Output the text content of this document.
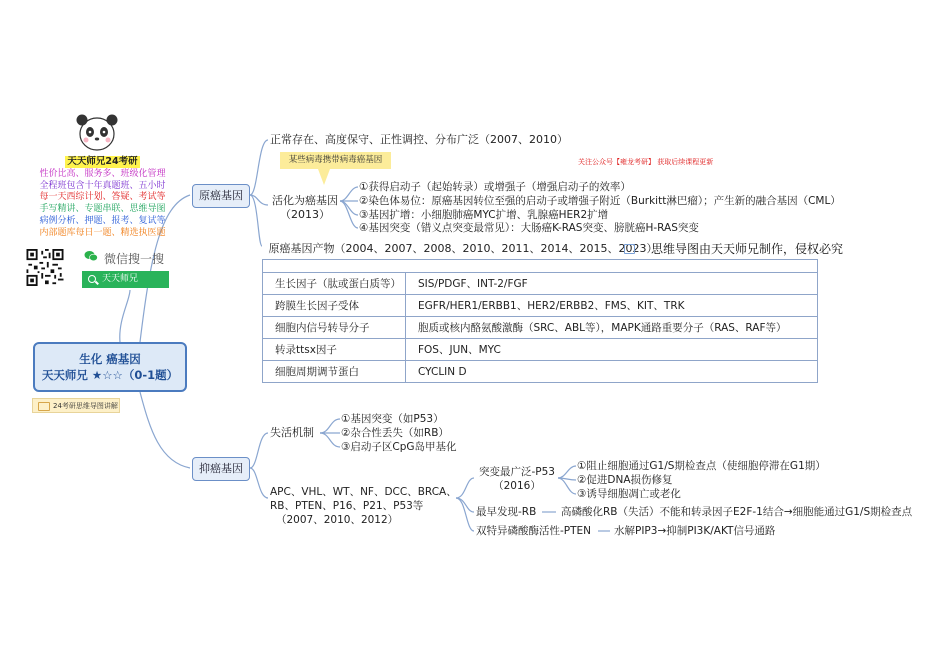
天天师兄24考研
性价比高、服务多、班级化管理
全程班包含十年真题班、五小时
每一天西综计划、答疑、考试等
手写精讲、专题串联、思维导图
病例分析、押题、报考、复试等
内部题库每日一题、精选执医题
微信搜一搜
天天师兄
生化 癌基因
天天师兄 ★☆☆（0-1题）
24考研思维导图讲解
原癌基因
正常存在、高度保守、正性调控、分布广泛（2007、2010）
某些病毒携带病毒癌基因	关注公众号【雍龙考研】 获取后续课程更新
活化为癌基因
（2013）
①获得启动子（起始转录）或增强子（增强启动子的效率）
②染色体易位：原癌基因转位至强的启动子或增强子附近（Burkitt淋巴瘤）；产生新的融合基因（CML）
③基因扩增：小细胞肺癌MYC扩增、乳腺癌HER2扩增
④基因突变（错义点突变最常见）：大肠癌K-RAS突变、膀胱癌H-RAS突变
原癌基因产物（2004、2007、2008、2010、2011、2014、2015、2023）	

生长因子（肽或蛋白质等）	SIS/PDGF、INT-2/FGF
跨膜生长因子受体	EGFR/HER1/ERBB1、HER2/ERBB2、FMS、KIT、TRK
细胞内信号转导分子	胞质或核内酪氨酸激酶（SRC、ABL等），MAPK通路重要分子（RAS、RAF等）
转录ttsx因子	FOS、JUN、MYC
细胞周期调节蛋白	CYCLIN D
思维导图由天天师兄制作，侵权必究
抑癌基因
失活机制
①基因突变（如P53）
②杂合性丢失（如RB）
③启动子区CpG岛甲基化
APC、VHL、WT、NF、DCC、BRCA、
RB、PTEN、P16、P21、P53等
（2007、2010、2012）
突变最广泛-P53
（2016）
①阻止细胞通过G1/S期检查点（使细胞停滞在G1期）
②促进DNA损伤修复
③诱导细胞凋亡或老化
最早发现-RB 高磷酸化RB（失活）不能和转录因子E2F-1结合→细胞能通过G1/S期检查点
双特异磷酸酶活性-PTEN 水解PIP3→抑制PI3K/AKT信号通路
